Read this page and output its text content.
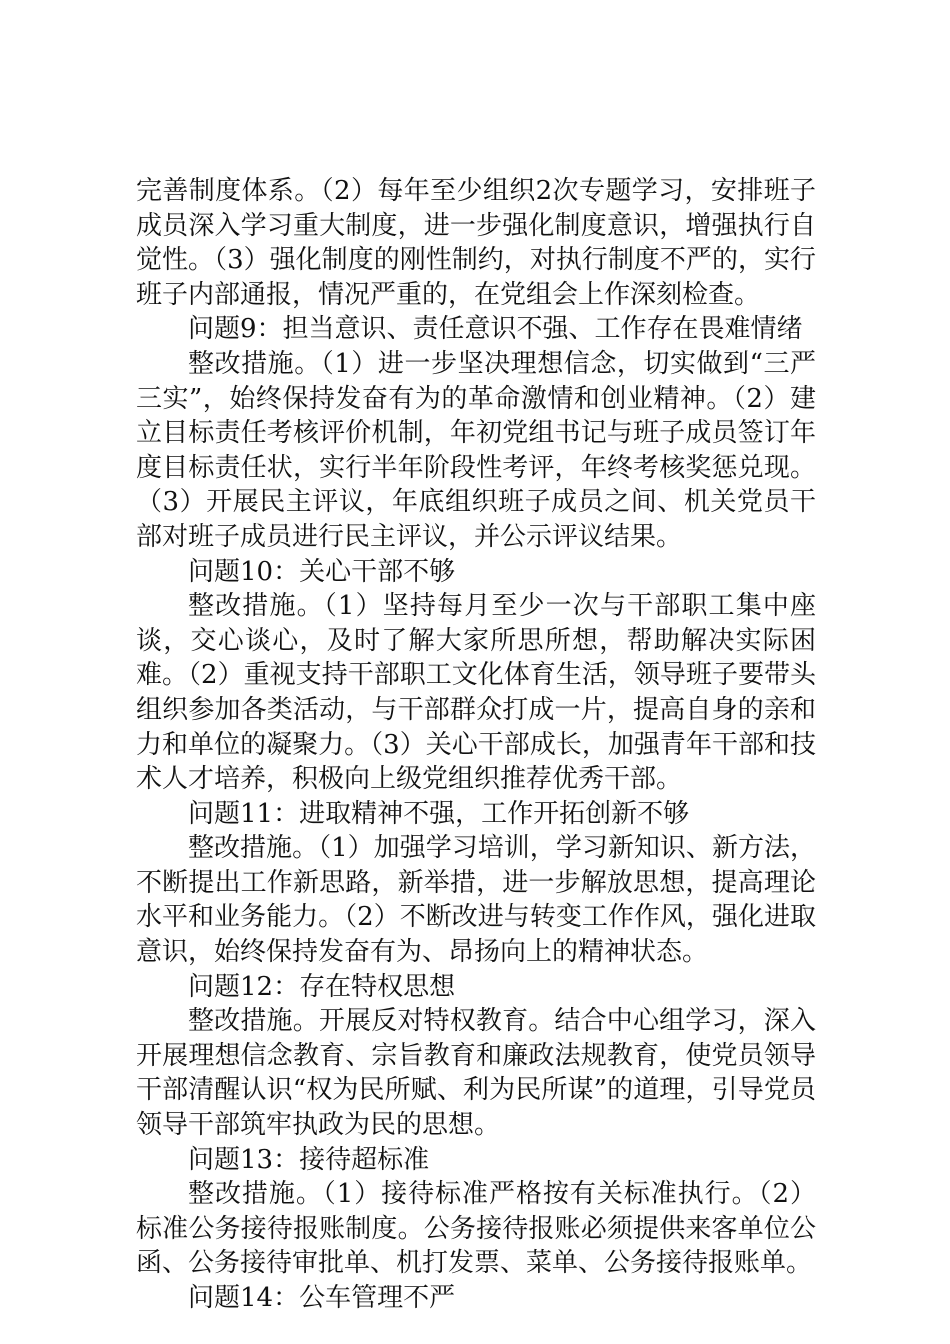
完善制度体系。（2）每年至少组织2次专题学习，安排班子成员深入学习重大制度，进一步强化制度意识，增强执行自觉性。（3）强化制度的刚性制约，对执行制度不严的，实行班子内部通报，情况严重的，在党组会上作深刻检查。

问题9：担当意识、责任意识不强、工作存在畏难情绪

整改措施。（1）进一步坚决理想信念，切实做到“三严三实”，始终保持发奋有为的革命激情和创业精神。（2）建立目标责任考核评价机制，年初党组书记与班子成员签订年度目标责任状，实行半年阶段性考评，年终考核奖惩兑现。（3）开展民主评议，年底组织班子成员之间、机关党员干部对班子成员进行民主评议，并公示评议结果。

问题10：关心干部不够

整改措施。（1）坚持每月至少一次与干部职工集中座谈，交心谈心，及时了解大家所思所想，帮助解决实际困难。（2）重视支持干部职工文化体育生活，领导班子要带头组织参加各类活动，与干部群众打成一片，提高自身的亲和力和单位的凝聚力。（3）关心干部成长，加强青年干部和技术人才培养，积极向上级党组织推荐优秀干部。

问题11：进取精神不强，工作开拓创新不够

整改措施。（1）加强学习培训，学习新知识、新方法，不断提出工作新思路，新举措，进一步解放思想，提高理论水平和业务能力。（2）不断改进与转变工作作风，强化进取意识，始终保持发奋有为、昂扬向上的精神状态。

问题12：存在特权思想

整改措施。开展反对特权教育。结合中心组学习，深入开展理想信念教育、宗旨教育和廉政法规教育，使党员领导干部清醒认识“权为民所赋、利为民所谋”的道理，引导党员领导干部筑牢执政为民的思想。

问题13：接待超标准

整改措施。（1）接待标准严格按有关标准执行。（2）标准公务接待报账制度。公务接待报账必须提供来客单位公函、公务接待审批单、机打发票、菜单、公务接待报账单。

问题14：公车管理不严
